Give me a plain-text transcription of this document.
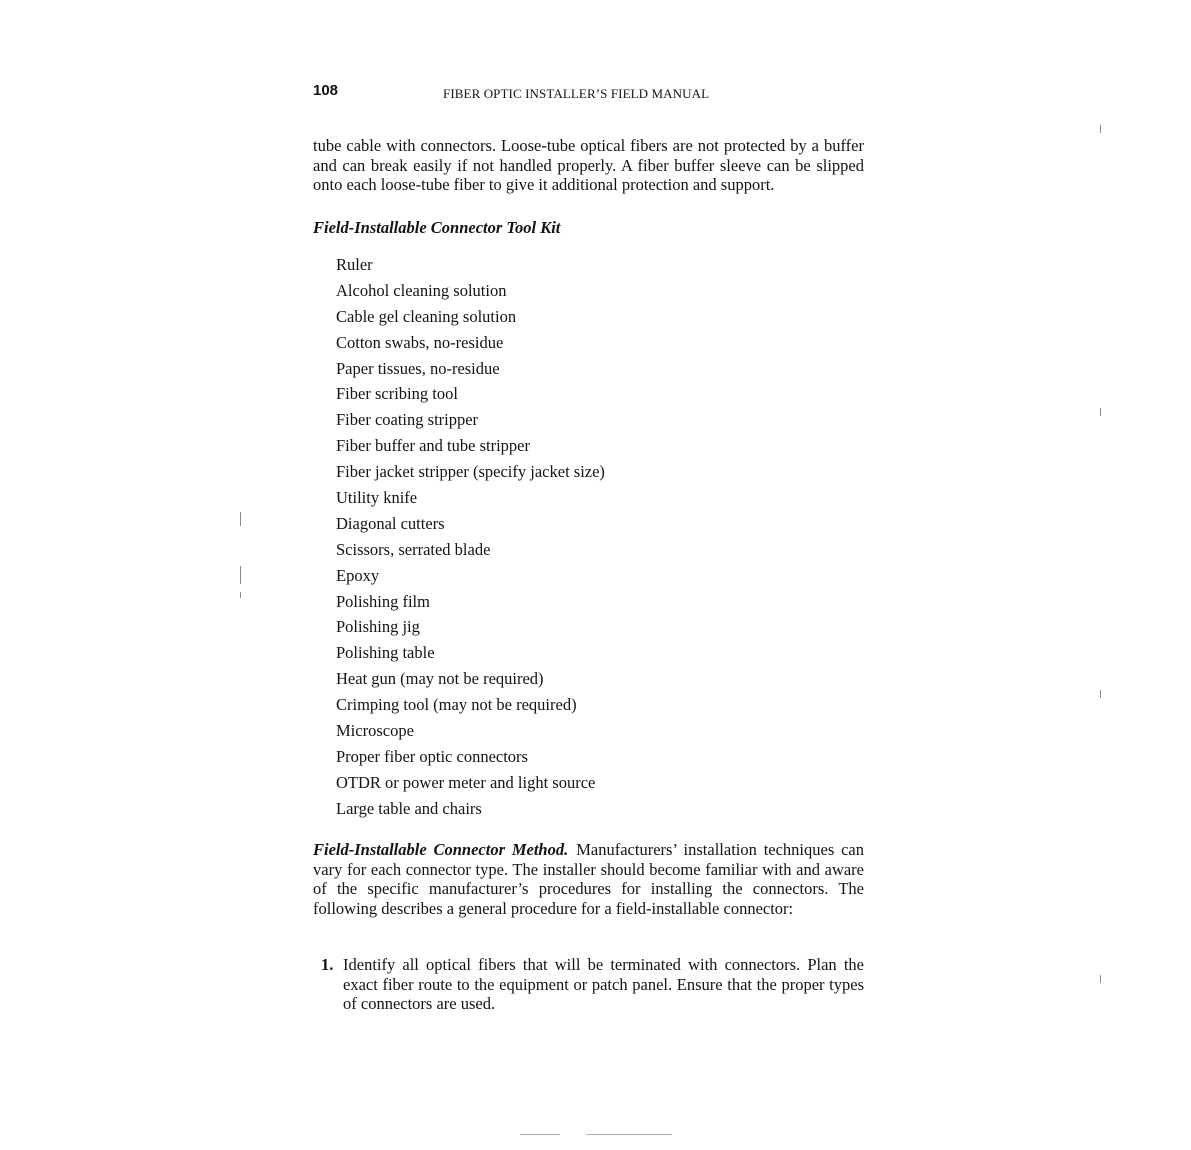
108	FIBER OPTIC INSTALLER’S FIELD MANUAL

tube cable with connectors. Loose-tube optical fibers are not protected by a buffer and can break easily if not handled properly. A fiber buffer sleeve can be slipped onto each loose-tube fiber to give it additional protection and support.

Field-Installable Connector Tool Kit
Ruler
Alcohol cleaning solution
Cable gel cleaning solution
Cotton swabs, no-residue
Paper tissues, no-residue
Fiber scribing tool
Fiber coating stripper
Fiber buffer and tube stripper
Fiber jacket stripper (specify jacket size)
Utility knife
Diagonal cutters
Scissors, serrated blade
Epoxy
Polishing film
Polishing jig
Polishing table
Heat gun (may not be required)
Crimping tool (may not be required)
Microscope
Proper fiber optic connectors
OTDR or power meter and light source
Large table and chairs

Field-Installable Connector Method. Manufacturers’ installation techniques can vary for each connector type. The installer should become familiar with and aware of the specific manufacturer’s procedures for installing the connectors. The following describes a general procedure for a field-installable connector:

1. Identify all optical fibers that will be terminated with connectors. Plan the exact fiber route to the equipment or patch panel. Ensure that the proper types of connectors are used.
